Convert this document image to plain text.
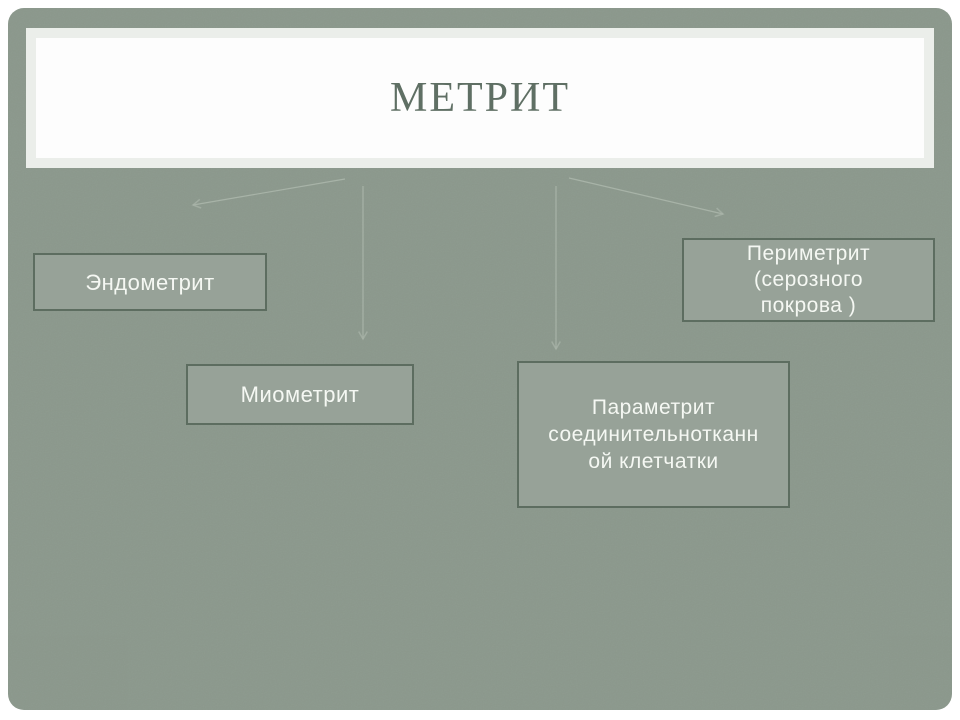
МЕТРИТ
Эндометрит
Миометрит
Периметрит
(серозного
покрова )
Параметрит
соединительнотканн
ой клетчатки
